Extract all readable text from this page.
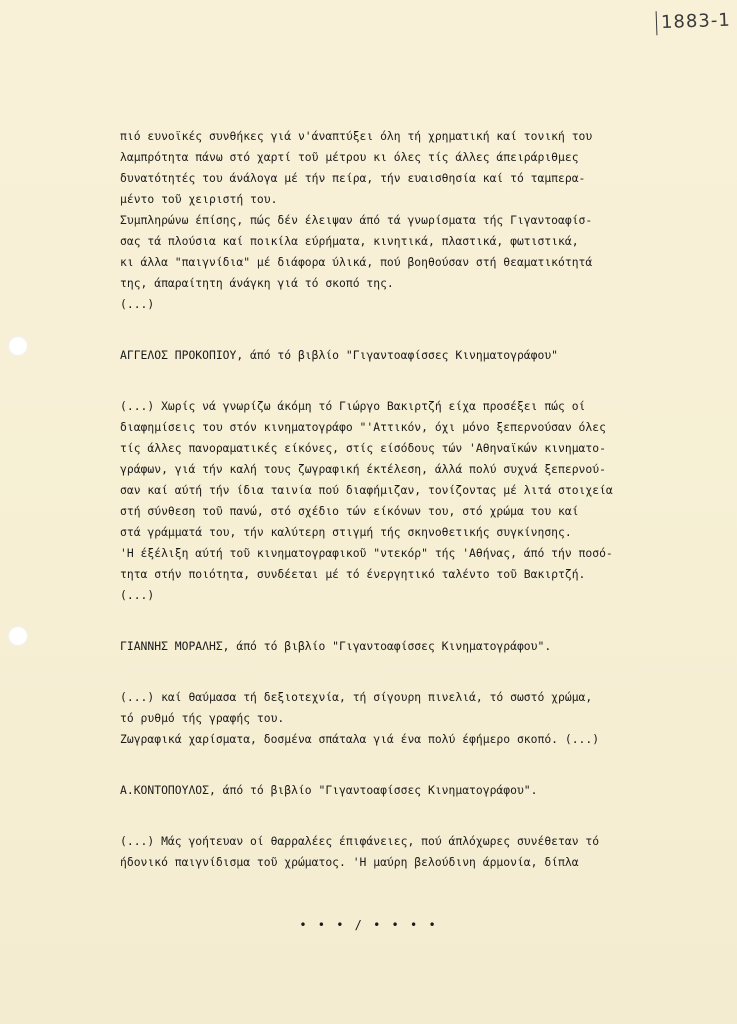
1883-1
πιό ευνοϊκές συνθήκες γιά ν'άναπτύξει όλη τή χρηματική καί τονική του
λαμπρότητα πάνω στό χαρτί τοῦ μέτρου κι όλες τίς άλλες άπειράριθμες
δυνατότητές του άνάλογα μέ τήν πείρα, τήν ευαισθησία καί τό ταμπερα-
μέντο τοῦ χειριστή του.
Συμπληρώνω έπίσης, πώς δέν έλειψαν άπό τά γνωρίσματα τής Γιγαντοαφίσ-
σας τά πλούσια καί ποικίλα εύρήματα, κινητικά, πλαστικά, φωτιστικά,
κι άλλα "παιγνίδια" μέ διάφορα ύλικά, πού βοηθούσαν στή θεαματικότητά
της, άπαραίτητη άνάγκη γιά τό σκοπό της.
(...)
ΑΓΓΕΛΟΣ ΠΡΟΚΟΠΙΟΥ, άπό τό βιβλίο "Γιγαντοαφίσσες Κινηματογράφου"
(...) Χωρίς νά γνωρίζω άκόμη τό Γιώργο Βακιρτζή είχα προσέξει πώς οί
διαφημίσεις του στόν κινηματογράφο "'Αττικόν, όχι μόνο ξεπερνούσαν όλες
τίς άλλες πανοραματικές είκόνες, στίς είσόδους τών 'Αθηναϊκών κινηματο-
γράφων, γιά τήν καλή τους ζωγραφική έκτέλεση, άλλά πολύ συχνά ξεπερνού-
σαν καί αύτή τήν ίδια ταινία πού διαφήμιζαν, τονίζοντας μέ λιτά στοιχεία
στή σύνθεση τοῦ πανώ, στό σχέδιο τών είκόνων του, στό χρώμα του καί
στά γράμματά του, τήν καλύτερη στιγμή τής σκηνοθετικής συγκίνησης.
'Η έξέλιξη αύτή τοῦ κινηματογραφικοῦ "ντεκόρ" τής 'Αθήνας, άπό τήν ποσό-
τητα στήν ποιότητα, συνδέεται μέ τό ένεργητικό ταλέντο τοῦ Βακιρτζή.
(...)
ΓΙΑΝΝΗΣ ΜΟΡΑΛΗΣ, άπό τό βιβλίο "Γιγαντοαφίσσες Κινηματογράφου".
(...) καί θαύμασα τή δεξιοτεχνία, τή σίγουρη πινελιά, τό σωστό χρώμα,
τό ρυθμό τής γραφής του.
Ζωγραφικά χαρίσματα, δοσμένα σπάταλα γιά ένα πολύ έφήμερο σκοπό. (...)
Α.ΚΟΝΤΟΠΟΥΛΟΣ, άπό τό βιβλίο "Γιγαντοαφίσσες Κινηματογράφου".
(...) Μάς γοήτευαν οί θαρραλέες έπιφάνειες, πού άπλόχωρες συνέθεταν τό
ήδονικό παιγνίδισμα τοῦ χρώματος. 'Η μαύρη βελούδινη άρμονία, δίπλα
• • • / • • • •
